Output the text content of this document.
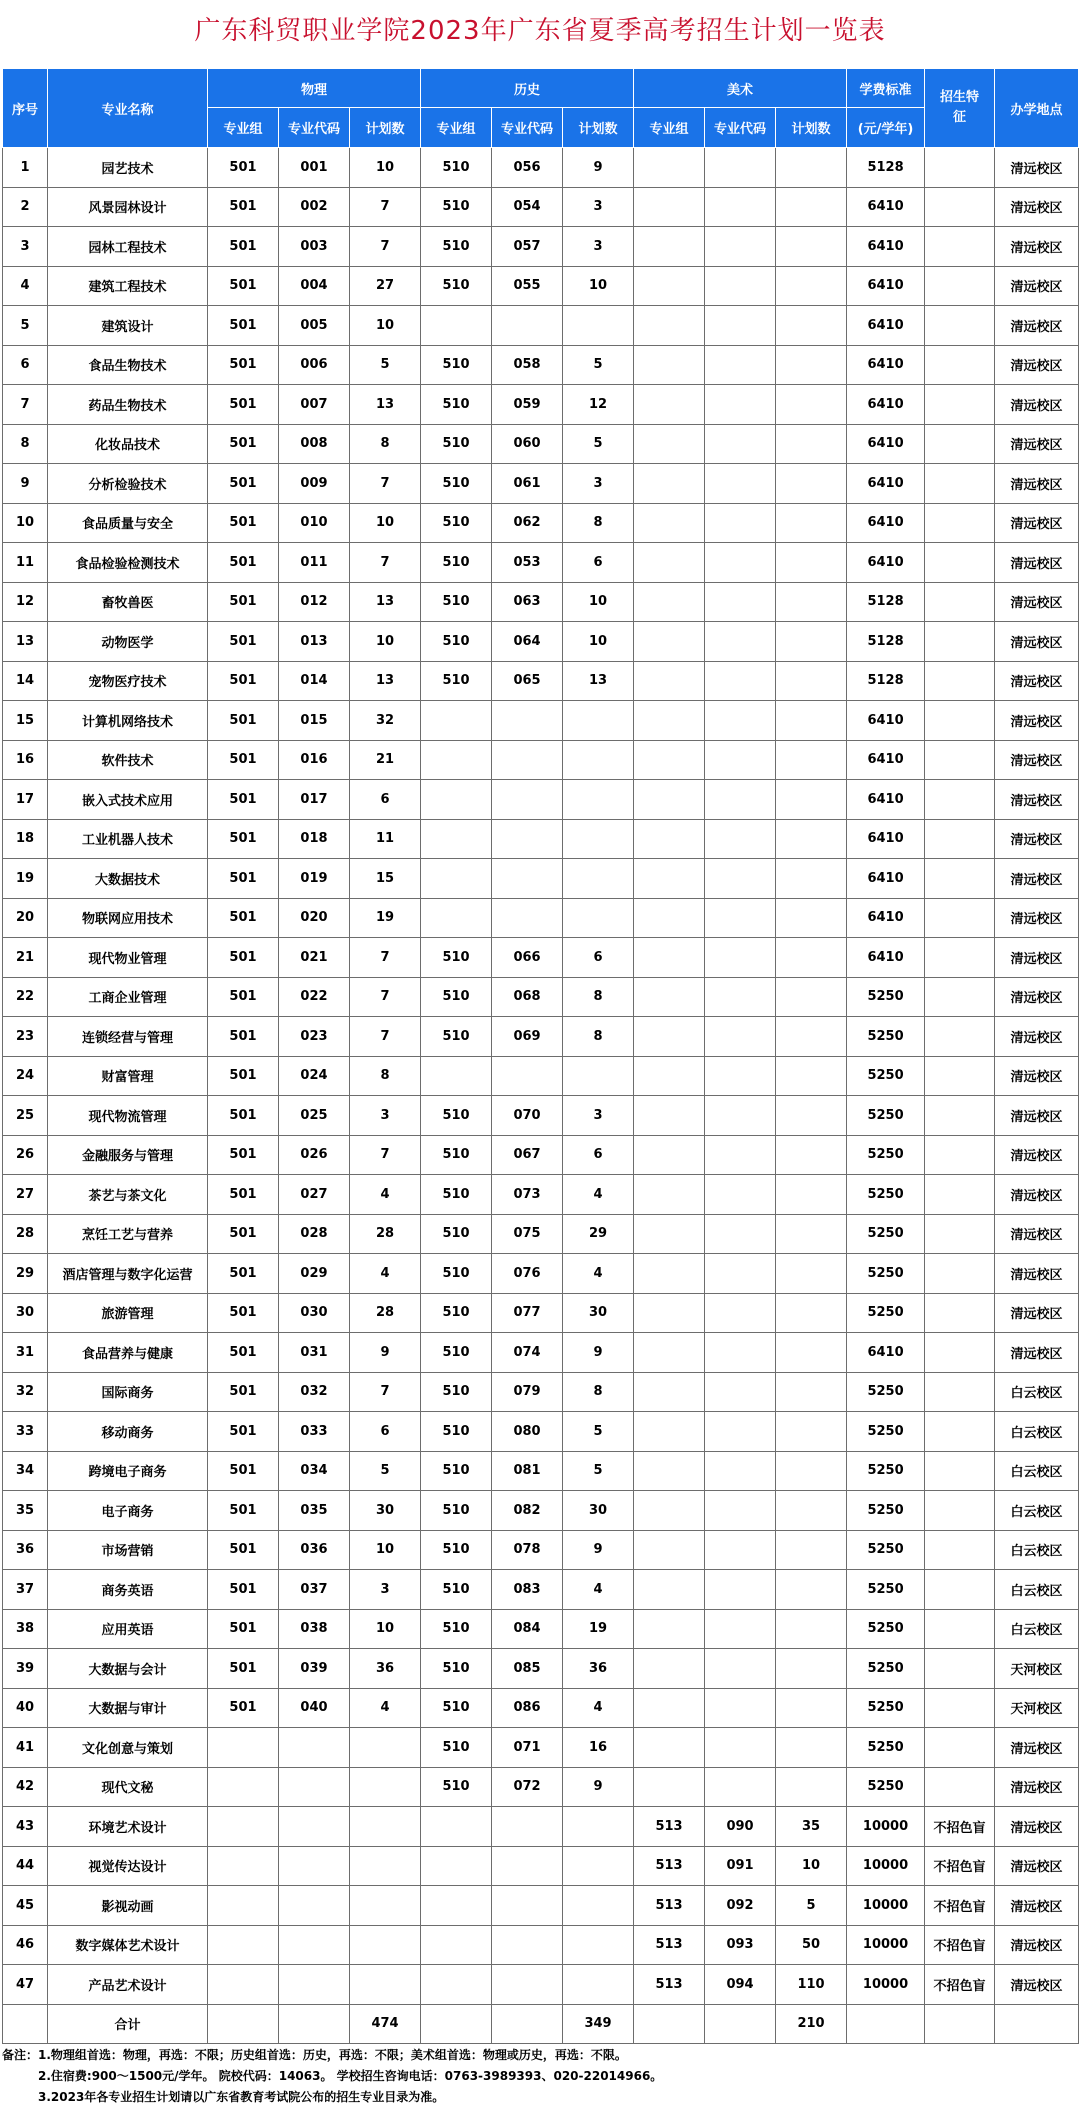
广东科贸职业学院2023年广东省夏季高考招生计划一览表
序号	专业名称	物理			历史			美术			学费标准	招生特征	办学地点
		专业组	专业代码	计划数	专业组	专业代码	计划数	专业组	专业代码	计划数	(元/学年)		
1	园艺技术	501	001	10	510	056	9				5128		清远校区
2	风景园林设计	501	002	7	510	054	3				6410		清远校区
3	园林工程技术	501	003	7	510	057	3				6410		清远校区
4	建筑工程技术	501	004	27	510	055	10				6410		清远校区
5	建筑设计	501	005	10							6410		清远校区
6	食品生物技术	501	006	5	510	058	5				6410		清远校区
7	药品生物技术	501	007	13	510	059	12				6410		清远校区
8	化妆品技术	501	008	8	510	060	5				6410		清远校区
9	分析检验技术	501	009	7	510	061	3				6410		清远校区
10	食品质量与安全	501	010	10	510	062	8				6410		清远校区
11	食品检验检测技术	501	011	7	510	053	6				6410		清远校区
12	畜牧兽医	501	012	13	510	063	10				5128		清远校区
13	动物医学	501	013	10	510	064	10				5128		清远校区
14	宠物医疗技术	501	014	13	510	065	13				5128		清远校区
15	计算机网络技术	501	015	32							6410		清远校区
16	软件技术	501	016	21							6410		清远校区
17	嵌入式技术应用	501	017	6							6410		清远校区
18	工业机器人技术	501	018	11							6410		清远校区
19	大数据技术	501	019	15							6410		清远校区
20	物联网应用技术	501	020	19							6410		清远校区
21	现代物业管理	501	021	7	510	066	6				6410		清远校区
22	工商企业管理	501	022	7	510	068	8				5250		清远校区
23	连锁经营与管理	501	023	7	510	069	8				5250		清远校区
24	财富管理	501	024	8							5250		清远校区
25	现代物流管理	501	025	3	510	070	3				5250		清远校区
26	金融服务与管理	501	026	7	510	067	6				5250		清远校区
27	茶艺与茶文化	501	027	4	510	073	4				5250		清远校区
28	烹饪工艺与营养	501	028	28	510	075	29				5250		清远校区
29	酒店管理与数字化运营	501	029	4	510	076	4				5250		清远校区
30	旅游管理	501	030	28	510	077	30				5250		清远校区
31	食品营养与健康	501	031	9	510	074	9				6410		清远校区
32	国际商务	501	032	7	510	079	8				5250		白云校区
33	移动商务	501	033	6	510	080	5				5250		白云校区
34	跨境电子商务	501	034	5	510	081	5				5250		白云校区
35	电子商务	501	035	30	510	082	30				5250		白云校区
36	市场营销	501	036	10	510	078	9				5250		白云校区
37	商务英语	501	037	3	510	083	4				5250		白云校区
38	应用英语	501	038	10	510	084	19				5250		白云校区
39	大数据与会计	501	039	36	510	085	36				5250		天河校区
40	大数据与审计	501	040	4	510	086	4				5250		天河校区
41	文化创意与策划				510	071	16				5250		清远校区
42	现代文秘				510	072	9				5250		清远校区
43	环境艺术设计							513	090	35	10000	不招色盲	清远校区
44	视觉传达设计							513	091	10	10000	不招色盲	清远校区
45	影视动画							513	092	5	10000	不招色盲	清远校区
46	数字媒体艺术设计							513	093	50	10000	不招色盲	清远校区
47	产品艺术设计							513	094	110	10000	不招色盲	清远校区
	合计			474			349			210			
备注：1.物理组首选：物理，再选：不限；历史组首选：历史，再选：不限；美术组首选：物理或历史，再选：不限。
2.住宿费:900～1500元/学年。 院校代码：14063。 学校招生咨询电话：0763-3989393、020-22014966。
3.2023年各专业招生计划请以广东省教育考试院公布的招生专业目录为准。
